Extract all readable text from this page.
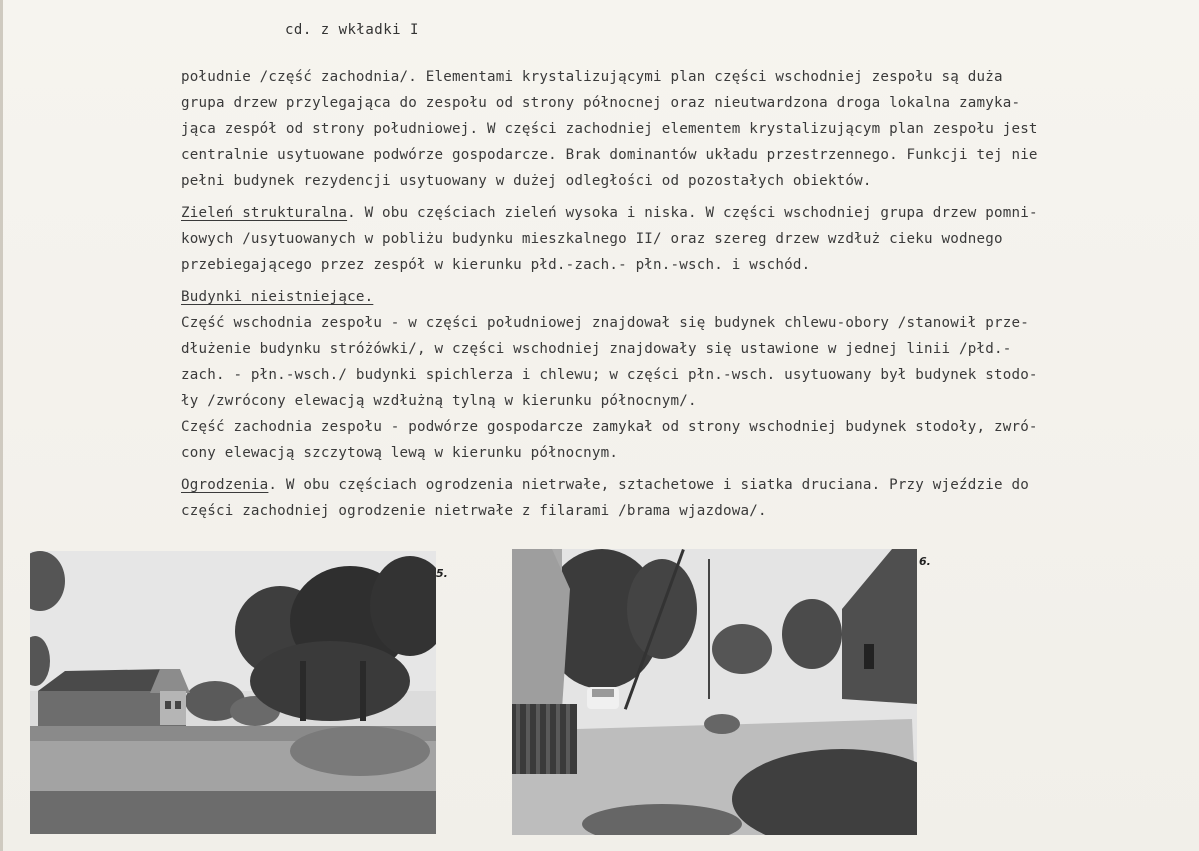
cd. z wkładki I
południe /część zachodnia/. Elementami krystalizującymi plan części wschodniej zespołu są duża
grupa drzew przylegająca do zespołu od strony północnej oraz nieutwardzona droga lokalna zamyka-
jąca zespół od strony południowej. W części zachodniej elementem krystalizującym plan zespołu jest
centralnie usytuowane podwórze gospodarcze. Brak dominantów układu przestrzennego. Funkcji tej nie
pełni budynek rezydencji usytuowany w dużej odległości od pozostałych obiektów.
Zieleń strukturalna. W obu częściach zieleń wysoka i niska. W części wschodniej grupa drzew pomni-
kowych /usytuowanych w pobliżu budynku mieszkalnego II/ oraz szereg drzew wzdłuż cieku wodnego
przebiegającego przez zespół w kierunku płd.-zach.- płn.-wsch. i wschód.
Budynki nieistniejące.
Część wschodnia zespołu - w części południowej znajdował się budynek chlewu-obory /stanowił prze-
dłużenie budynku stróżówki/, w części wschodniej znajdowały się ustawione w jednej linii /płd.-
zach. - płn.-wsch./ budynki spichlerza i chlewu; w części płn.-wsch. usytuowany był budynek stodo-
ły /zwrócony elewacją wzdłużną tylną w kierunku północnym/.
Część zachodnia zespołu - podwórze gospodarcze zamykał od strony wschodniej budynek stodoły, zwró-
cony elewacją szczytową lewą w kierunku północnym.
Ogrodzenia. W obu częściach ogrodzenia nietrwałe, sztachetowe i siatka druciana. Przy wjeździe do
części zachodniej ogrodzenie nietrwałe z filarami /brama wjazdowa/.
5.
6.
